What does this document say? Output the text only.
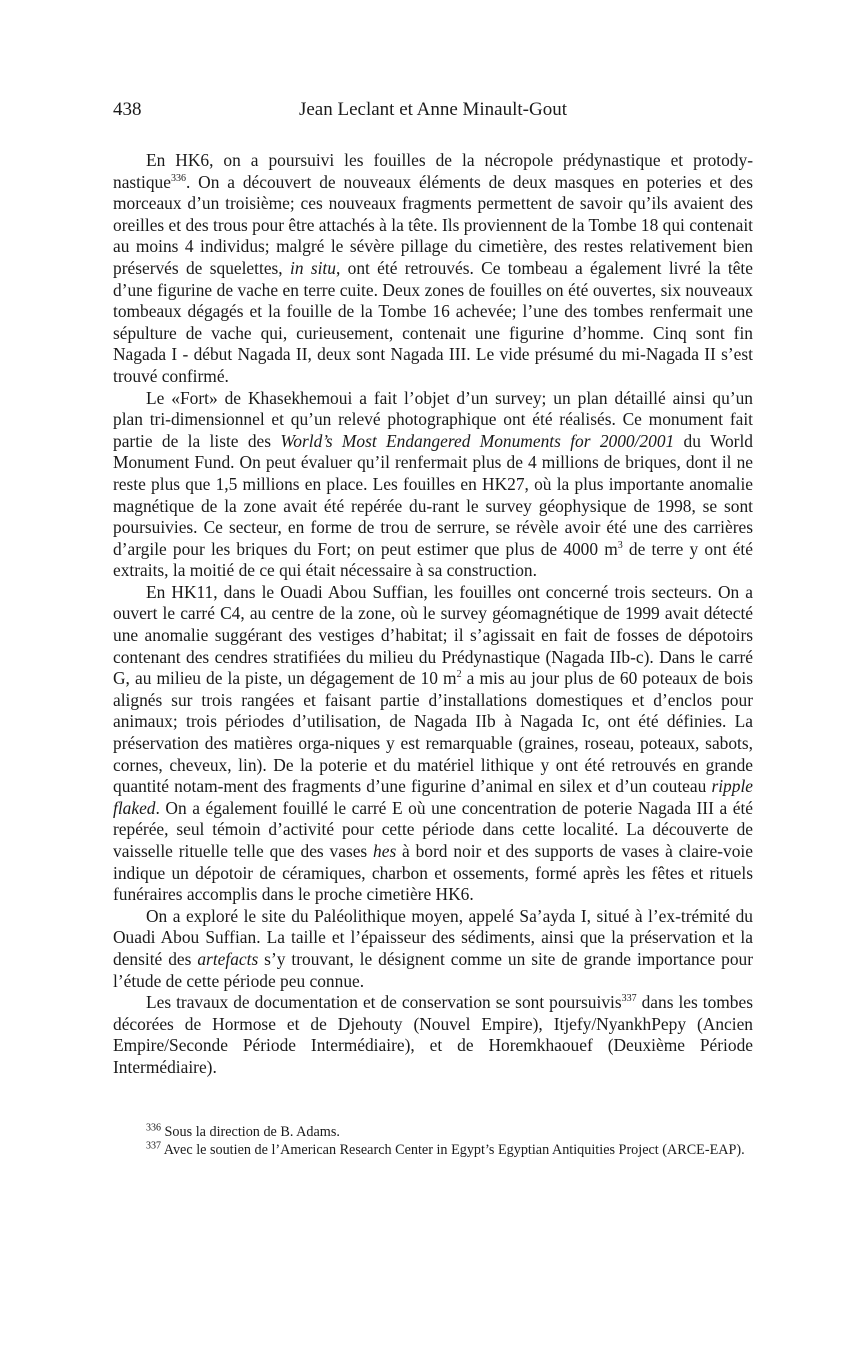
438	Jean Leclant et Anne Minault-Gout

En HK6, on a poursuivi les fouilles de la nécropole prédynastique et protody-nastique$^{336}$. On a découvert de nouveaux éléments de deux masques en poteries et des morceaux d’un troisième; ces nouveaux fragments permettent de savoir qu’ils avaient des oreilles et des trous pour être attachés à la tête. Ils proviennent de la Tombe 18 qui contenait au moins 4 individus; malgré le sévère pillage du cimetière, des restes relativement bien préservés de squelettes, in situ, ont été retrouvés. Ce tombeau a également livré la tête d’une figurine de vache en terre cuite. Deux zones de fouilles on été ouvertes, six nouveaux tombeaux dégagés et la fouille de la Tombe 16 achevée; l’une des tombes renfermait une sépulture de vache qui, curieusement, contenait une figurine d’homme. Cinq sont fin Nagada I - début Nagada II, deux sont Nagada III. Le vide présumé du mi-Nagada II s’est trouvé confirmé.

Le «Fort» de Khasekhemoui a fait l’objet d’un survey; un plan détaillé ainsi qu’un plan tri-dimensionnel et qu’un relevé photographique ont été réalisés. Ce monument fait partie de la liste des World’s Most Endangered Monuments for 2000/2001 du World Monument Fund. On peut évaluer qu’il renfermait plus de 4 millions de briques, dont il ne reste plus que 1,5 millions en place. Les fouilles en HK27, où la plus importante anomalie magnétique de la zone avait été repérée du-rant le survey géophysique de 1998, se sont poursuivies. Ce secteur, en forme de trou de serrure, se révèle avoir été une des carrières d’argile pour les briques du Fort; on peut estimer que plus de 4000 $m^3$ de terre y ont été extraits, la moitié de ce qui était nécessaire à sa construction.

En HK11, dans le Ouadi Abou Suffian, les fouilles ont concerné trois secteurs. On a ouvert le carré C4, au centre de la zone, où le survey géomagnétique de 1999 avait détecté une anomalie suggérant des vestiges d’habitat; il s’agissait en fait de fosses de dépotoirs contenant des cendres stratifiées du milieu du Prédynastique (Nagada IIb-c). Dans le carré G, au milieu de la piste, un dégagement de 10 $m^2$ a mis au jour plus de 60 poteaux de bois alignés sur trois rangées et faisant partie d’installations domestiques et d’enclos pour animaux; trois périodes d’utilisation, de Nagada IIb à Nagada Ic, ont été définies. La préservation des matières orga-niques y est remarquable (graines, roseau, poteaux, sabots, cornes, cheveux, lin). De la poterie et du matériel lithique y ont été retrouvés en grande quantité notam-ment des fragments d’une figurine d’animal en silex et d’un couteau ripple flaked. On a également fouillé le carré E où une concentration de poterie Nagada III a été repérée, seul témoin d’activité pour cette période dans cette localité. La découverte de vaisselle rituelle telle que des vases hes à bord noir et des supports de vases à claire-voie indique un dépotoir de céramiques, charbon et ossements, formé après les fêtes et rituels funéraires accomplis dans le proche cimetière HK6.

On a exploré le site du Paléolithique moyen, appelé Sa’ayda I, situé à l’ex-trémité du Ouadi Abou Suffian. La taille et l’épaisseur des sédiments, ainsi que la préservation et la densité des artefacts s’y trouvant, le désignent comme un site de grande importance pour l’étude de cette période peu connue.

Les travaux de documentation et de conservation se sont poursuivis$^{337}$ dans les tombes décorées de Hormose et de Djehouty (Nouvel Empire), Itjefy/NyankhPepy (Ancien Empire/Seconde Période Intermédiaire), et de Horemkhaouef (Deuxième Période Intermédiaire).

$^{336}$ Sous la direction de B. Adams.

$^{337}$ Avec le soutien de l’American Research Center in Egypt’s Egyptian Antiquities Project (ARCE-EAP).
